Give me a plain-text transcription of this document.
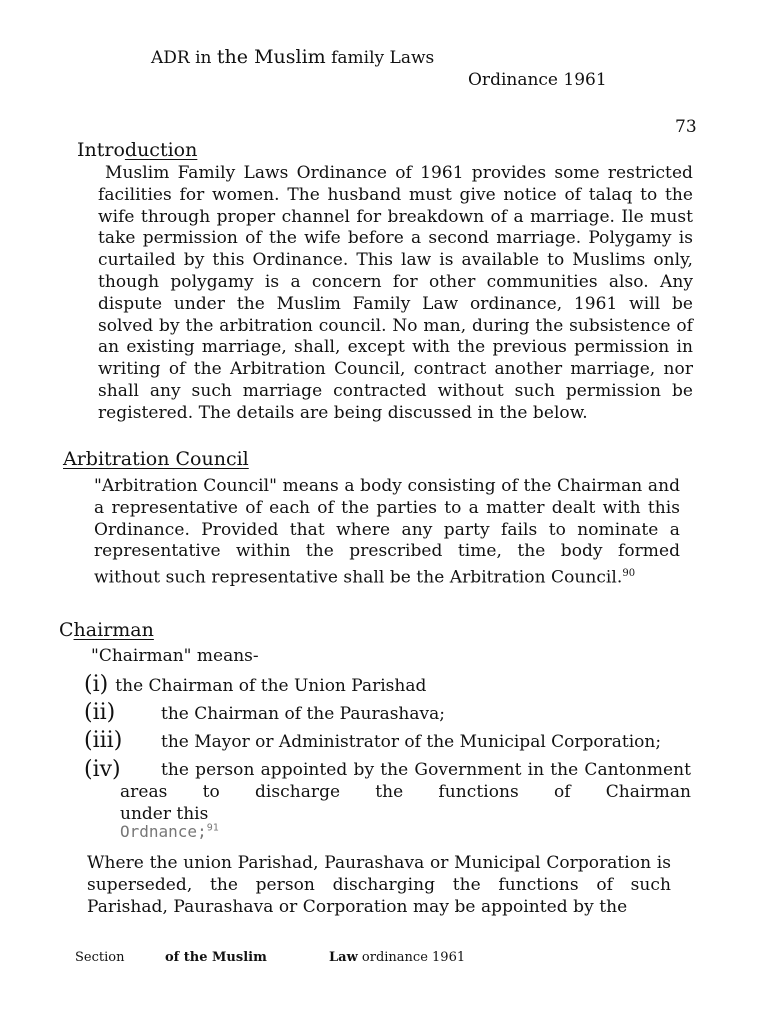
ADR in the Muslim family Laws
Ordinance 1961
73
Introduction

Muslim Family Laws Ordinance of 1961 provides some restricted facilities for women. The husband must give notice of talaq to the wife through proper channel for breakdown of a marriage. Ile must take permission of the wife before a second marriage. Polygamy is curtailed by this Ordinance. This law is available to Muslims only, though polygamy is a concern for other communities also. Any dispute under the Muslim Family Law ordinance, 1961 will be solved by the arbitration council. No man, during the subsistence of an existing marriage, shall, except with the previous permission in writing of the Arbitration Council, contract another marriage, nor shall any such marriage contracted without such permission be registered. The details are being discussed in the below.

Arbitration Council

"Arbitration Council" means a body consisting of the Chairman and a representative of each of the parties to a matter dealt with this Ordinance. Provided that where any party fails to nominate a representative within the prescribed time, the body formed without such representative shall be the Arbitration Council.$^{90}$

Chairman
"Chairman" means-
(i) the Chairman of the Union Parishad
(ii)	the Chairman of the Paurashava;
(iii) the Mayor or Administrator of the Municipal Corporation;
(iv)	the person appointed by the Government in the Cantonment areas to discharge the functions of Chairman

under this
Ordnance;$^{91}$

Where the union Parishad, Paurashava or Municipal Corporation is superseded, the person discharging the functions of such Parishad, Paurashava or Corporation may be appointed by the

Section	of the Muslim	Law ordinance 1961
